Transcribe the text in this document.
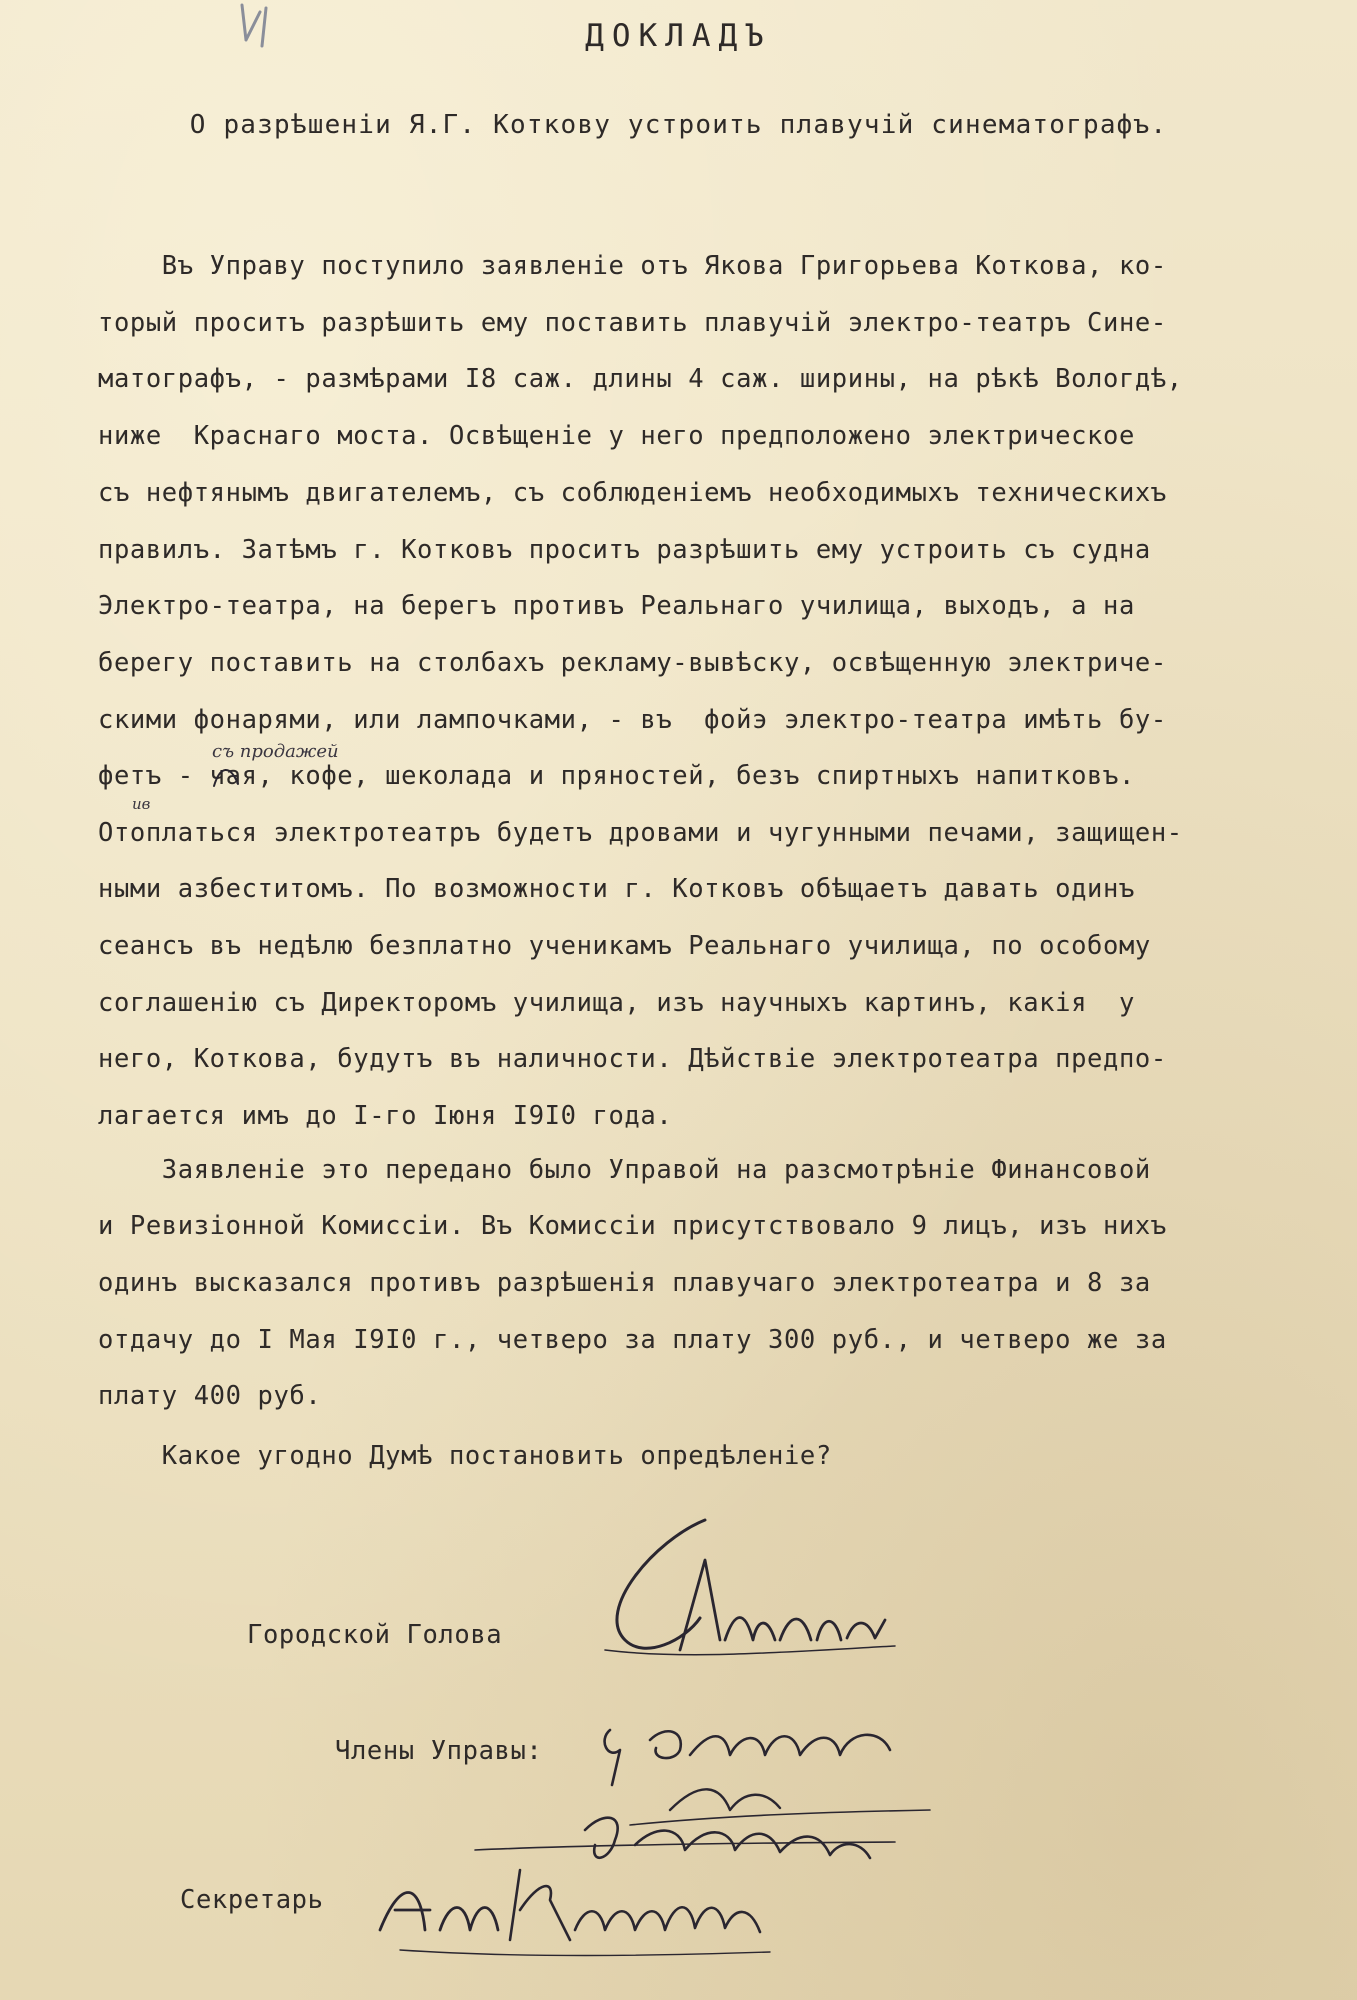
ДОКЛАДЪ
О разрѣшеніи Я.Г. Коткову устроить плавучій синематографъ.
Въ Управу поступило заявленіе отъ Якова Григорьева Коткова, ко-
торый проситъ разрѣшить ему поставить плавучій электро-театръ Сине-
матографъ, - размѣрами I8 саж. длины 4 саж. ширины, на рѣкѣ Вологдѣ,
ниже  Краснаго моста. Освѣщеніе у него предположено электрическое
съ нефтянымъ двигателемъ, съ соблюденіемъ необходимыхъ техническихъ
правилъ. Затѣмъ г. Котковъ проситъ разрѣшить ему устроить съ судна
Электро-театра, на берегъ противъ Реальнаго училища, выходъ, а на
берегу поставить на столбахъ рекламу-вывѣску, освѣщенную электриче-
скими фонарями, или лампочками, - въ  фойэ электро-театра имѣть бу-
фетъ - чая, кофе, шеколада и пряностей, безъ спиртныхъ напитковъ.
Отоплаться электротеатръ будетъ дровами и чугунными печами, защищен-
ными азбеститомъ. По возможности г. Котковъ обѣщаетъ давать одинъ
сеансъ въ недѣлю безплатно ученикамъ Реальнаго училища, по особому
соглашенію съ Директоромъ училища, изъ научныхъ картинъ, какія  у
него, Коткова, будутъ въ наличности. Дѣйствіе электротеатра предпо-
лагается имъ до I-го Іюня I9I0 года.
Заявленіе это передано было Управой на разсмотрѣніе Финансовой
и Ревизіонной Комиссіи. Въ Комиссіи присутствовало 9 лицъ, изъ нихъ
одинъ высказался противъ разрѣшенія плавучаго электротеатра и 8 за
отдачу до I Мая I9I0 г., четверо за плату 300 руб., и четверо же за
плату 400 руб.
Какое угодно Думѣ постановить опредѣленіе?
съ продажей
ив
Городской Голова
Члены Управы:
Секретарь
